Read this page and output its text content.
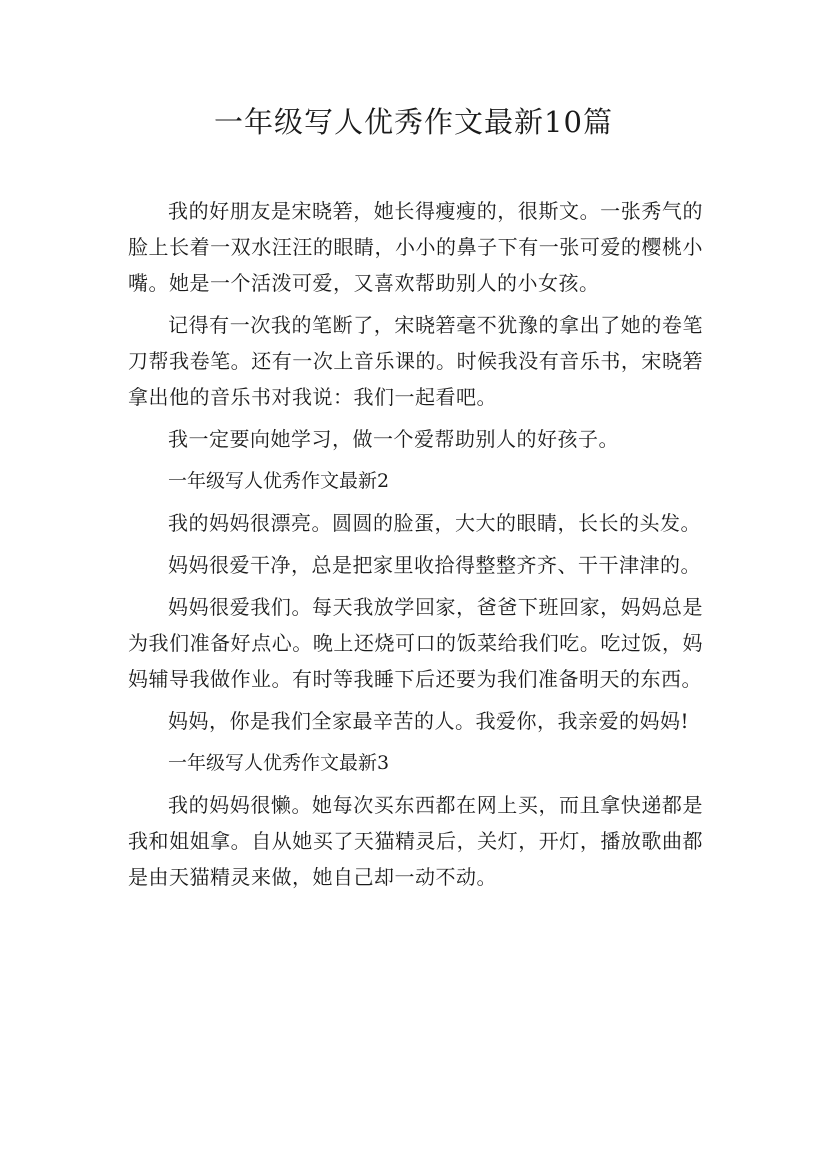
一年级写人优秀作文最新10篇

我的好朋友是宋晓箬，她长得瘦瘦的，很斯文。一张秀气的脸上长着一双水汪汪的眼睛，小小的鼻子下有一张可爱的樱桃小嘴。她是一个活泼可爱，又喜欢帮助别人的小女孩。

记得有一次我的笔断了，宋晓箬毫不犹豫的拿出了她的卷笔刀帮我卷笔。还有一次上音乐课的。时候我没有音乐书，宋晓箬拿出他的音乐书对我说：我们一起看吧。

我一定要向她学习，做一个爱帮助别人的好孩子。

一年级写人优秀作文最新2

我的妈妈很漂亮。圆圆的脸蛋，大大的眼睛，长长的头发。

妈妈很爱干净，总是把家里收拾得整整齐齐、干干津津的。

妈妈很爱我们。每天我放学回家，爸爸下班回家，妈妈总是为我们准备好点心。晚上还烧可口的饭菜给我们吃。吃过饭，妈妈辅导我做作业。有时等我睡下后还要为我们准备明天的东西。

妈妈，你是我们全家最辛苦的人。我爱你，我亲爱的妈妈!

一年级写人优秀作文最新3

我的妈妈很懒。她每次买东西都在网上买，而且拿快递都是我和姐姐拿。自从她买了天猫精灵后，关灯，开灯，播放歌曲都是由天猫精灵来做，她自己却一动不动。
